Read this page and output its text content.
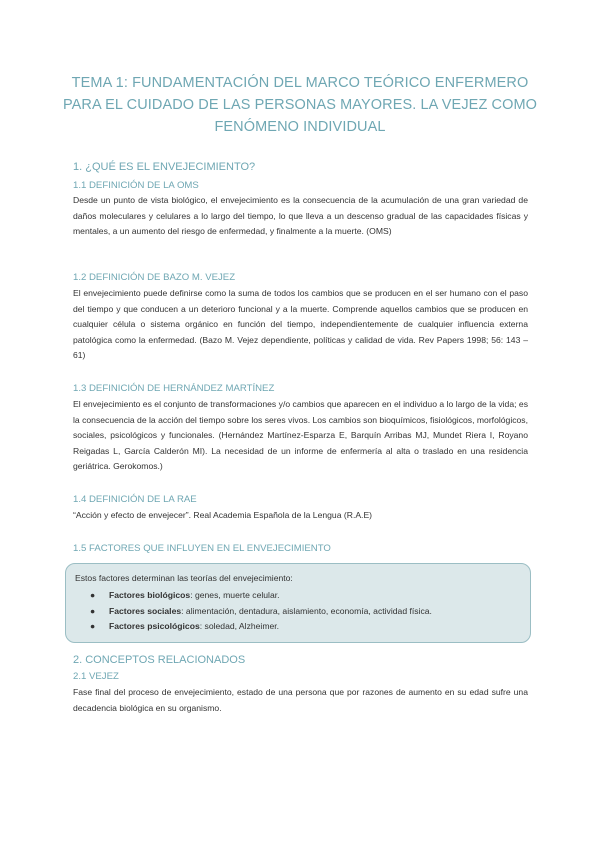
TEMA 1: FUNDAMENTACIÓN DEL MARCO TEÓRICO ENFERMERO PARA EL CUIDADO DE LAS PERSONAS MAYORES. LA VEJEZ COMO FENÓMENO INDIVIDUAL
1. ¿QUÉ ES EL ENVEJECIMIENTO?
1.1 DEFINICIÓN DE LA OMS

Desde un punto de vista biológico, el envejecimiento es la consecuencia de la acumulación de una gran variedad de daños moleculares y celulares a lo largo del tiempo, lo que lleva a un descenso gradual de las capacidades físicas y mentales, a un aumento del riesgo de enfermedad, y finalmente a la muerte. (OMS)

1.2 DEFINICIÓN DE BAZO M. VEJEZ

El envejecimiento puede definirse como la suma de todos los cambios que se producen en el ser humano con el paso del tiempo y que conducen a un deterioro funcional y a la muerte. Comprende aquellos cambios que se producen en cualquier célula o sistema orgánico en función del tiempo, independientemente de cualquier influencia externa patológica como la enfermedad. (Bazo M. Vejez dependiente, políticas y calidad de vida. Rev Papers 1998; 56: 143 – 61)

1.3 DEFINICIÓN DE HERNÁNDEZ MARTÍNEZ

El envejecimiento es el conjunto de transformaciones y/o cambios que aparecen en el individuo a lo largo de la vida; es la consecuencia de la acción del tiempo sobre los seres vivos. Los cambios son bioquímicos, fisiológicos, morfológicos, sociales, psicológicos y funcionales. (Hernández Martínez-Esparza E, Barquín Arribas MJ, Mundet Riera I, Royano Reigadas L, García Calderón MI). La necesidad de un informe de enfermería al alta o traslado en una residencia geriátrica. Gerokomos.)

1.4 DEFINICIÓN DE LA RAE

“Acción y efecto de envejecer”. Real Academia Española de la Lengua (R.A.E)

1.5 FACTORES QUE INFLUYEN EN EL ENVEJECIMIENTO

Estos factores determinan las teorías del envejecimiento:

● Factores biológicos: genes, muerte celular.
● Factores sociales: alimentación, dentadura, aislamiento, economía, actividad física.
● Factores psicológicos: soledad, Alzheimer.
2. CONCEPTOS RELACIONADOS
2.1 VEJEZ

Fase final del proceso de envejecimiento, estado de una persona que por razones de aumento en su edad sufre una decadencia biológica en su organismo.
